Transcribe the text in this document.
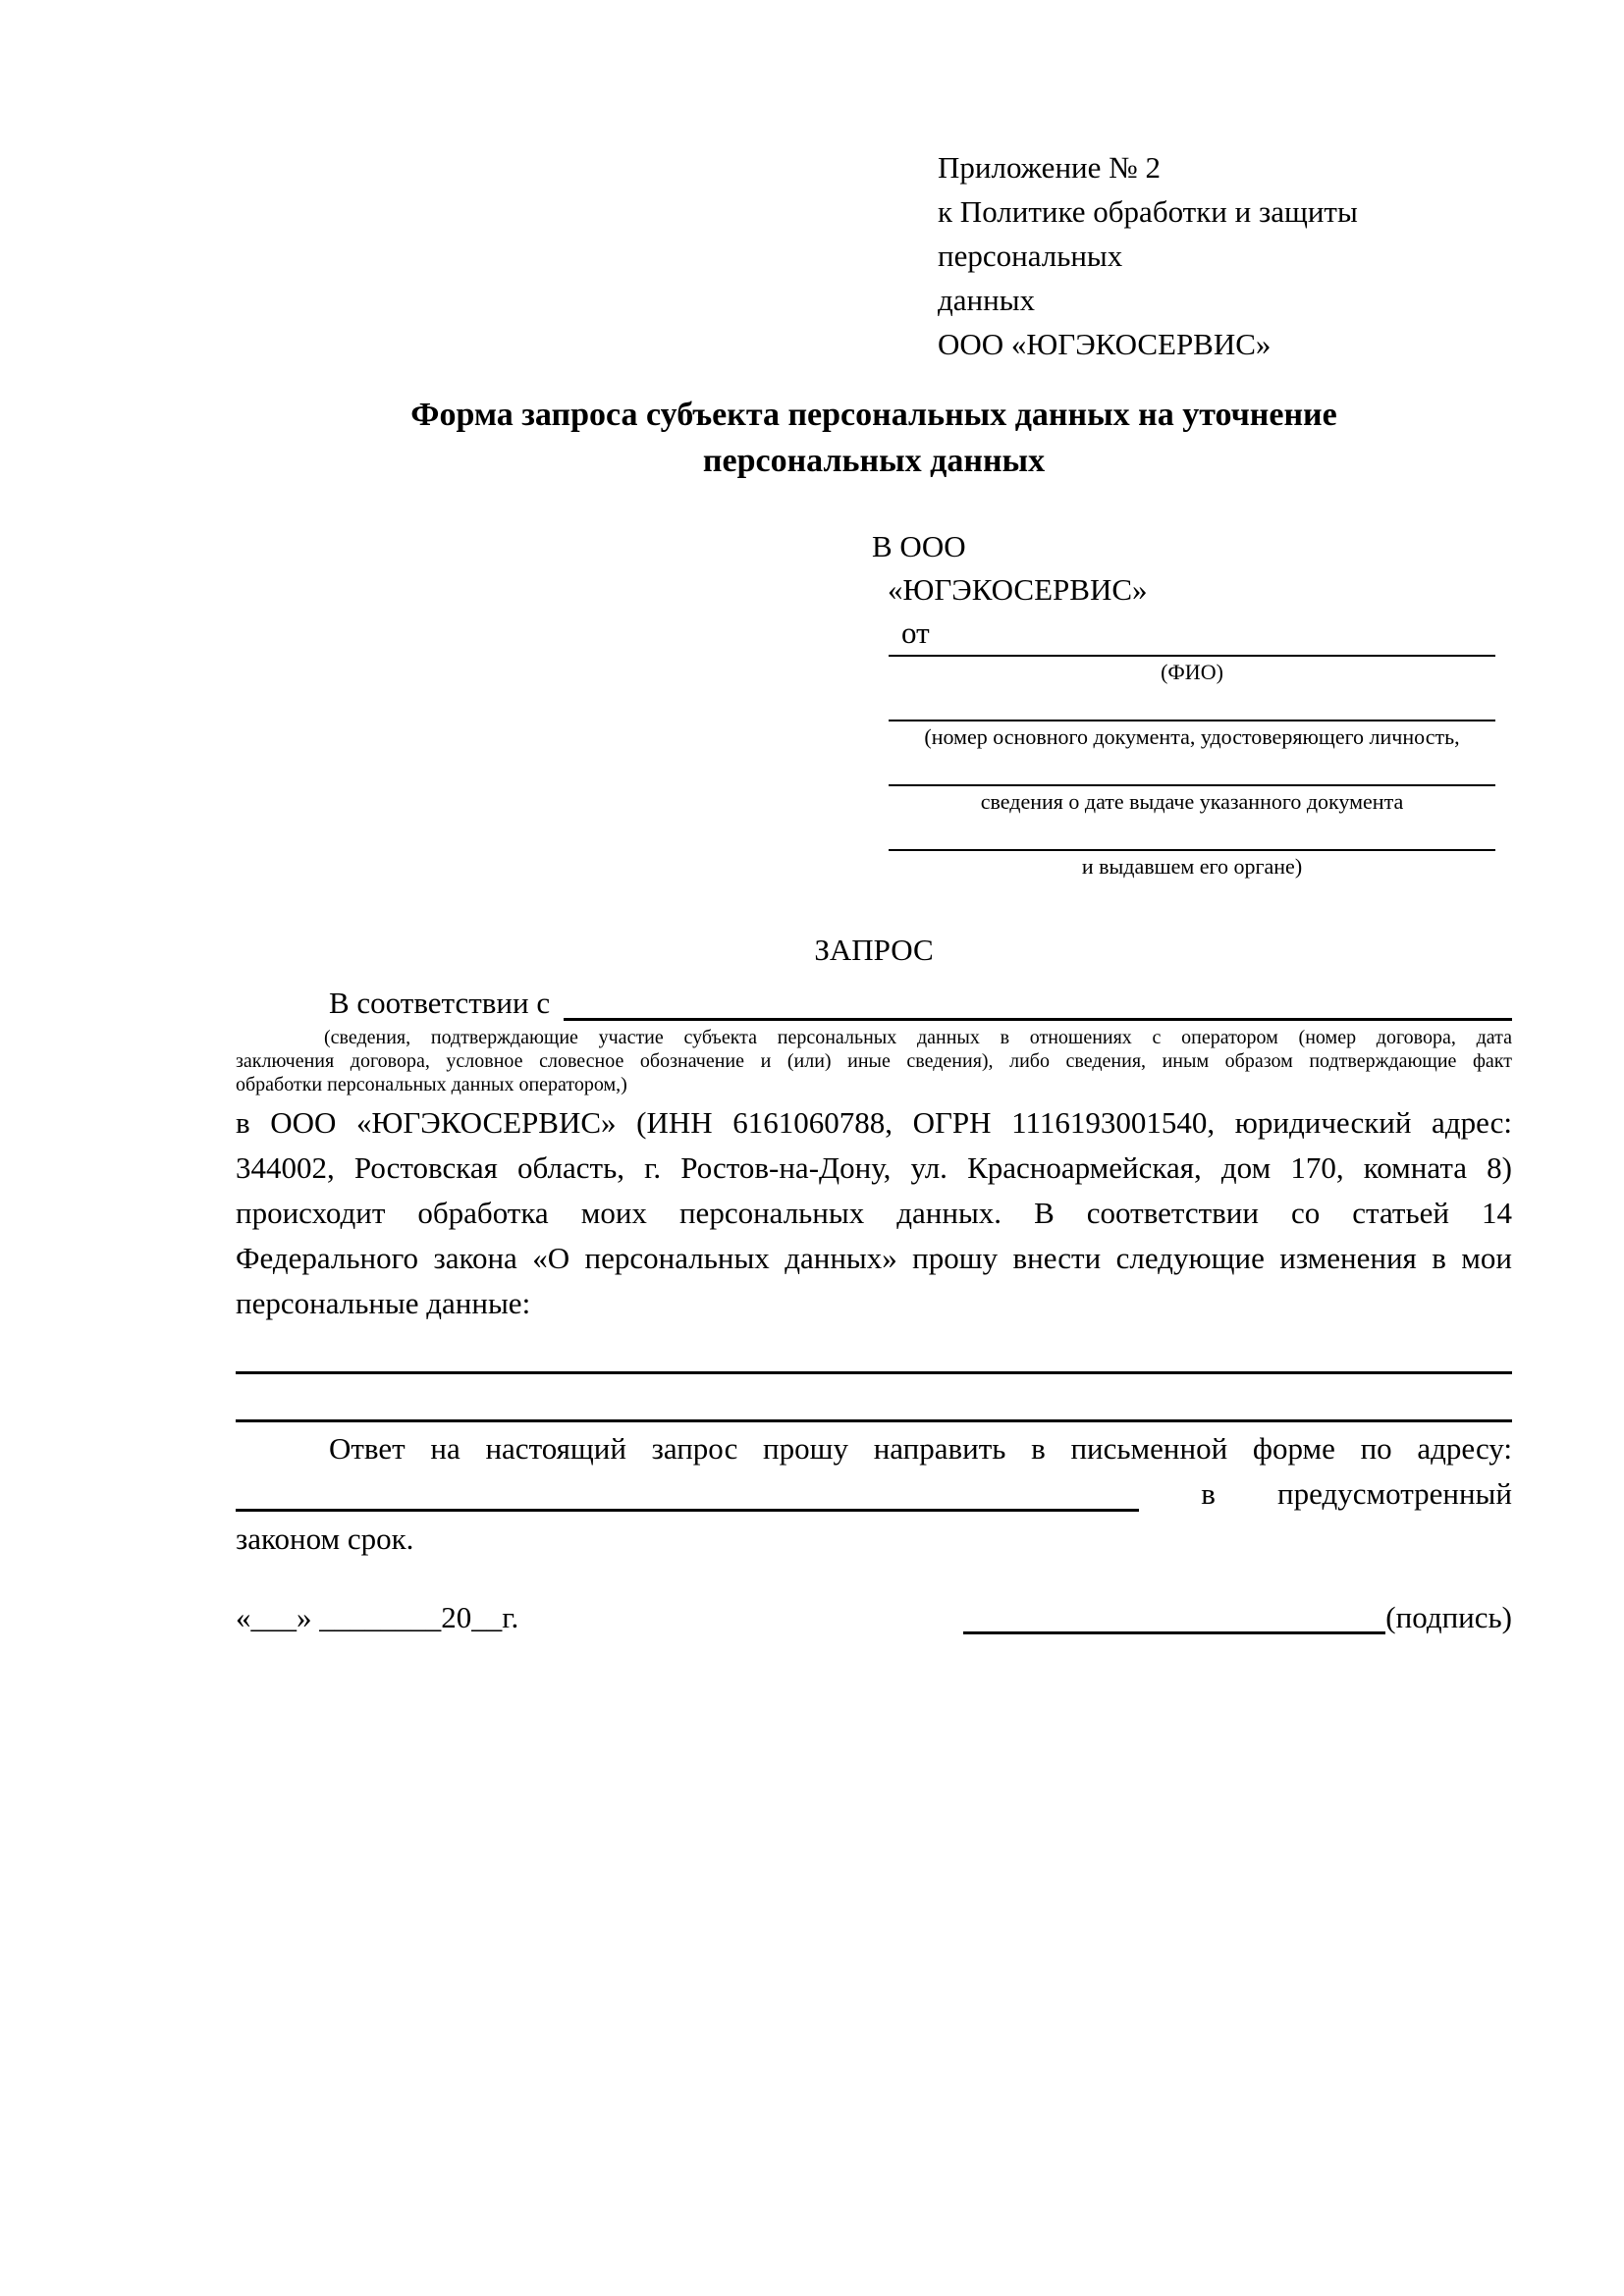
Приложение № 2
к Политике обработки и защиты персональных
данных
ООО «ЮГЭКОСЕРВИС»
Форма запроса субъекта персональных данных на уточнение
персональных данных
В ООО
«ЮГЭКОСЕРВИС»
от
(ФИО)
(номер основного документа, удостоверяющего личность,
сведения о дате выдаче указанного документа
и выдавшем его органе)
ЗАПРОС
В соответствии с
(сведения, подтверждающие участие субъекта персональных данных в отношениях с оператором (номер договора, дата
заключения договора, условное словесное обозначение и (или) иные сведения), либо сведения, иным образом подтверждающие факт
обработки персональных данных оператором,)
в ООО «ЮГЭКОСЕРВИС» (ИНН 6161060788, ОГРН 1116193001540, юридический адрес:
344002, Ростовская область, г. Ростов-на-Дону, ул. Красноармейская, дом 170, комната 8)
происходит обработка моих персональных данных. В соответствии со статьей 14
Федерального закона «О персональных данных» прошу внести следующие изменения в мои
персональные данные:
Ответ на настоящий запрос прошу направить в письменной форме по адресу:
в предусмотренный
законом срок.
«___» ________20__г.	(подпись)
